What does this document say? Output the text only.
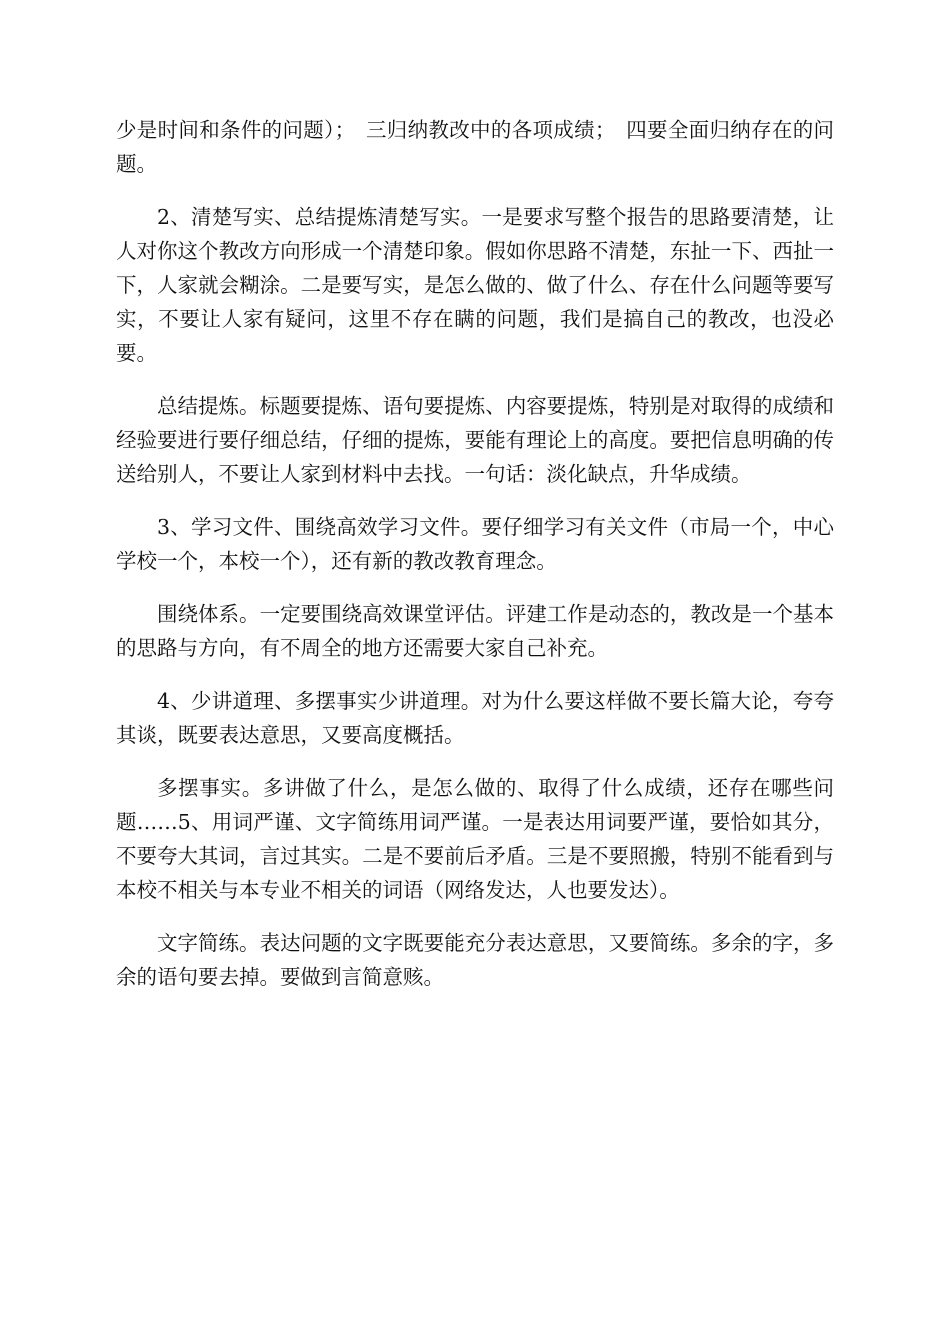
少是时间和条件的问题）；　三归纳教改中的各项成绩；　四要全面归纳存在的问题。

2、清楚写实、总结提炼清楚写实。一是要求写整个报告的思路要清楚，让人对你这个教改方向形成一个清楚印象。假如你思路不清楚，东扯一下、西扯一下，人家就会糊涂。二是要写实，是怎么做的、做了什么、存在什么问题等要写实，不要让人家有疑问，这里不存在瞒的问题，我们是搞自己的教改，也没必要。

总结提炼。标题要提炼、语句要提炼、内容要提炼，特别是对取得的成绩和经验要进行要仔细总结，仔细的提炼，要能有理论上的高度。要把信息明确的传送给别人，不要让人家到材料中去找。一句话：淡化缺点，升华成绩。

3、学习文件、围绕高效学习文件。要仔细学习有关文件（市局一个，中心学校一个，本校一个），还有新的教改教育理念。

围绕体系。一定要围绕高效课堂评估。评建工作是动态的，教改是一个基本的思路与方向，有不周全的地方还需要大家自己补充。

4、少讲道理、多摆事实少讲道理。对为什么要这样做不要长篇大论，夸夸其谈，既要表达意思，又要高度概括。

多摆事实。多讲做了什么，是怎么做的、取得了什么成绩，还存在哪些问题……5、用词严谨、文字简练用词严谨。一是表达用词要严谨，要恰如其分，不要夸大其词，言过其实。二是不要前后矛盾。三是不要照搬，特别不能看到与本校不相关与本专业不相关的词语（网络发达，人也要发达）。

文字简练。表达问题的文字既要能充分表达意思，又要简练。多余的字，多余的语句要去掉。要做到言简意赅。
